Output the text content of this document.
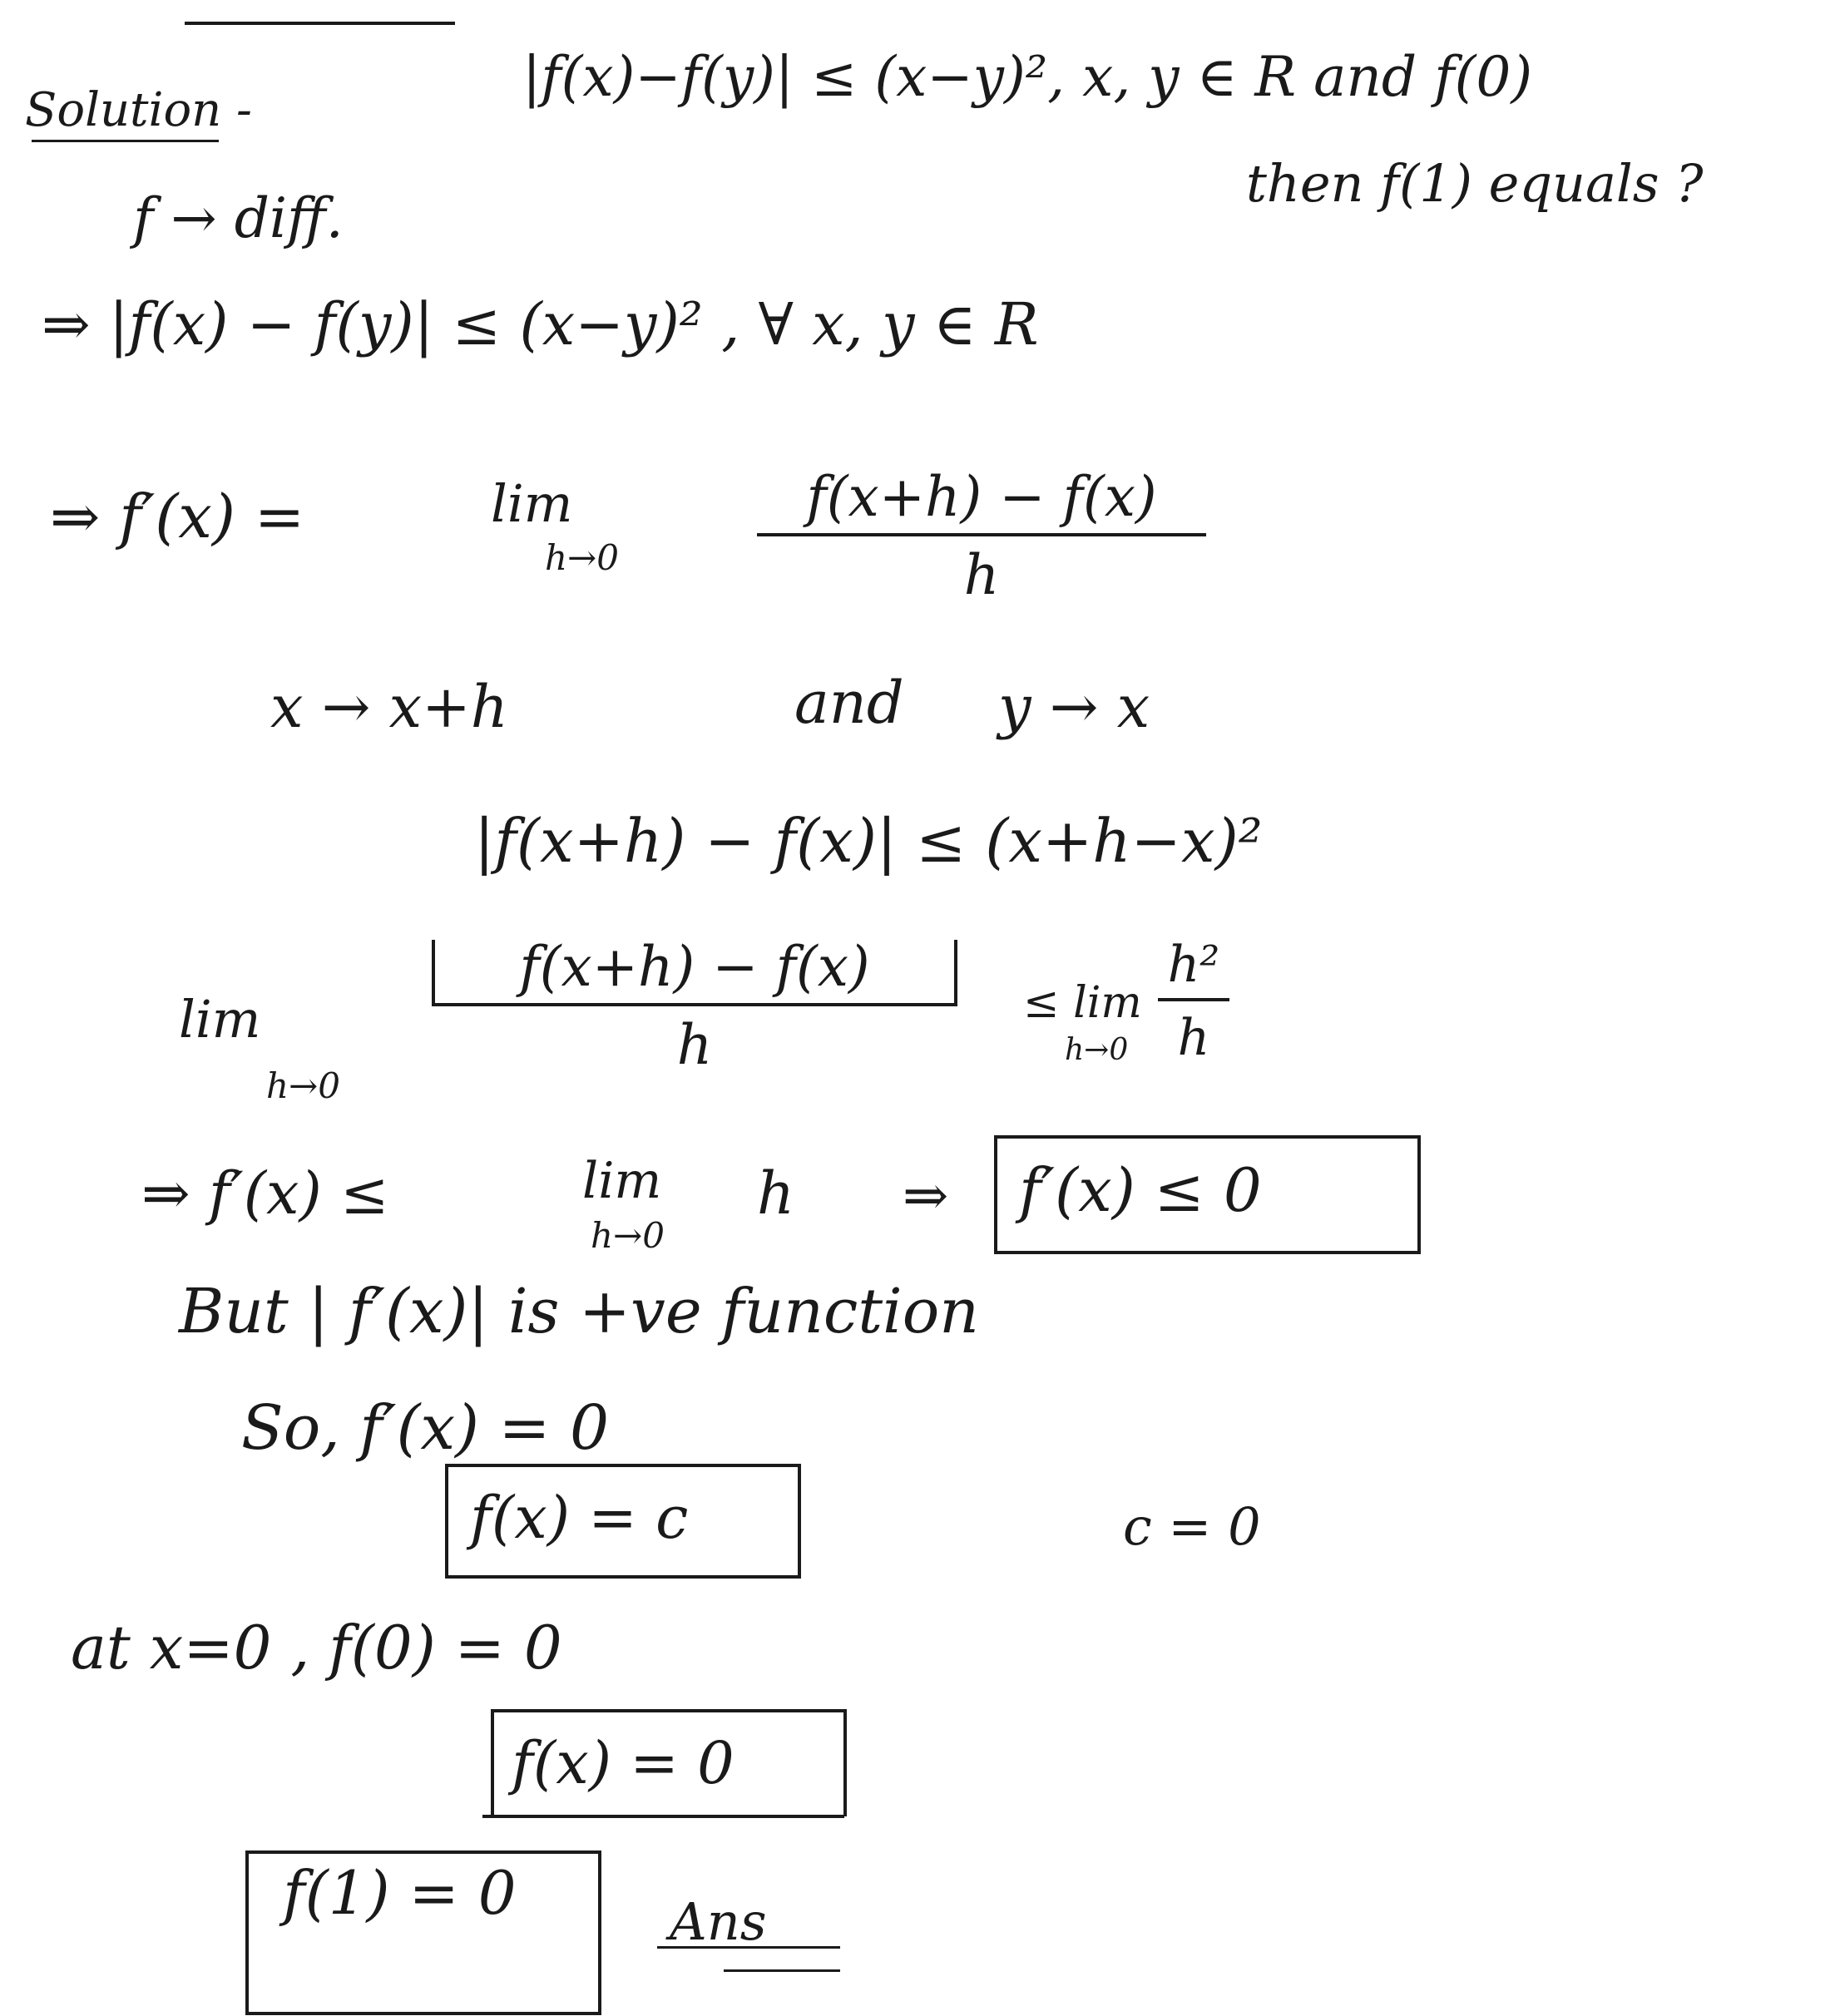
Solution -
|f(x)−f(y)| ≤ (x−y)², x, y ∈ R and f(0)
then f(1) equals ?
f → diff.
⇒ |f(x) − f(y)| ≤ (x−y)² , ∀ x, y ∈ R
⇒ f′(x) =	lim
h→0	$\frac{f(x+h) - f(x)}{h}$
x → x+h	and y → x
|f(x+h) − f(x)| ≤ (x+h−x)²
lim
h→0
$\frac{f(x+h) - f(x)}{h} \le \lim$
h→0
$\frac{\text{h²}}{h}$
⇒ f′(x) ≤	lim
h→0
h ⇒ f′(x) ≤ 0
But | f′(x)| is +ve function
So, f′(x) = 0
f(x) = c	c = 0
at x=0 , f(0) = 0
f(x) = 0
f(1) = 0	Ans
